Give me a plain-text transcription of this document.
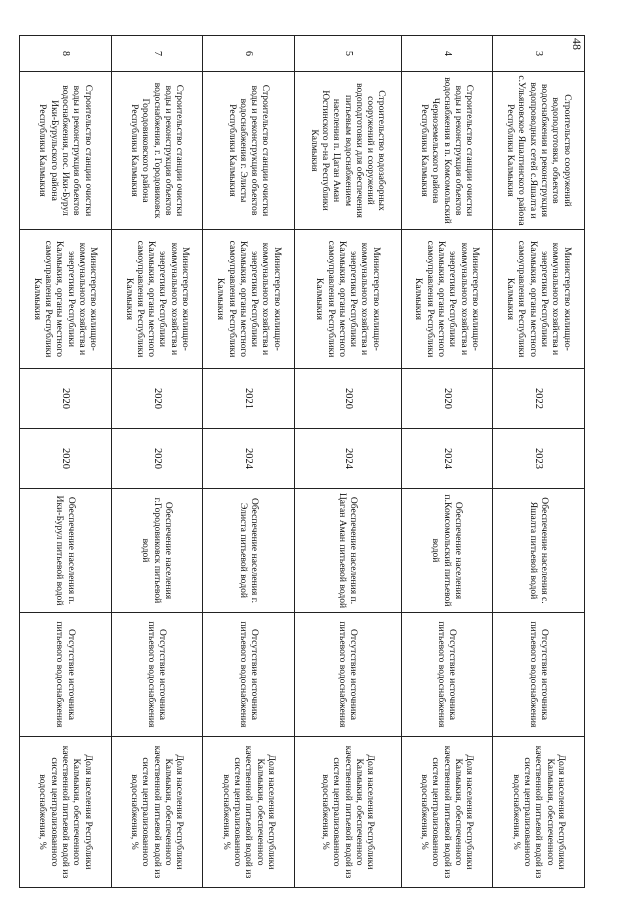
48
3	Строительство сооружений водоподготовки, объектов водоснабжения и реконструкция водопроводных сетей с.Яшалта и с.Ульяновское Яшалтинского района Республики Калмыкия	Министерство жилищно-коммунального хозяйства и энергетики Республики Калмыкия, органы местного самоуправления Республики Калмыкия	2022	2023	Обеспечение населения с. Яшалта питьевой водой	Отсутствие источника питьевого водоснабжения	Доля населения Республики Калмыкия, обеспеченного качественной питьевой водой из систем централизованного водоснабжения, %
4	Строительство станции очистки воды и реконструкция объектов водоснабжения в п. Комсомольский Черноземельского района Республики Калмыкия	Министерство жилищно-коммунального хозяйства и энергетики Республики Калмыкия, органы местного самоуправления Республики Калмыкия	2020	2024	Обеспечение населения п.Комсомольский питьевой водой	Отсутствие источника питьевого водоснабжения	Доля населения Республики Калмыкия, обеспеченного качественной питьевой водой из систем централизованного водоснабжения, %
5	Строительство водозаборных сооружений и сооружений водоподготовки для обеспечения питьевым водоснабжением населения п. Цаган Аман Юстинского р-на Республики Калмыкия	Министерство жилищно-коммунального хозяйства и энергетики Республики Калмыкия, органы местного самоуправления Республики Калмыкия	2020	2024	Обеспечение населения п. Цаган Аман питьевой водой	Отсутствие источника питьевого водоснабжения	Доля населения Республики Калмыкия, обеспеченного качественной питьевой водой из систем централизованного водоснабжения, %
6	Строительство станции очистки воды и реконструкция объектов водоснабжения г. Элисты Республики Калмыкия	Министерство жилищно-коммунального хозяйства и энергетики Республики Калмыкия, органы местного самоуправления Республики Калмыкия	2021	2024	Обеспечение населения г. Элиста питьевой водой	Отсутствие источника питьевого водоснабжения	Доля населения Республики Калмыкия, обеспеченного качественной питьевой водой из систем централизованного водоснабжения, %
7	Строительство станции очистки воды и реконструкция объектов водоснабжения, г. Городовиковск Городовиковского района Республики Калмыкия	Министерство жилищно-коммунального хозяйства и энергетики Республики Калмыкия, органы местного самоуправления Республики Калмыкия	2020	2020	Обеспечение населения г.Городовиковск питьевой водой	Отсутствие источника питьевого водоснабжения	Доля населения Республики Калмыкия, обеспеченного качественной питьевой водой из систем централизованного водоснабжения, %
8	Строительство станции очистки воды и реконструкция объектов водоснабжения, пос. Ики-Бурул Ики-Бурульского района Республики Калмыкия	Министерство жилищно-коммунального хозяйства и энергетики Республики Калмыкия, органы местного самоуправления Республики Калмыкия	2020	2020	Обеспечение населения п. Ики-Бурул питьевой водой	Отсутствие источника питьевого водоснабжения	Доля населения Республики Калмыкия, обеспеченного качественной питьевой водой из систем централизованного водоснабжения, %
